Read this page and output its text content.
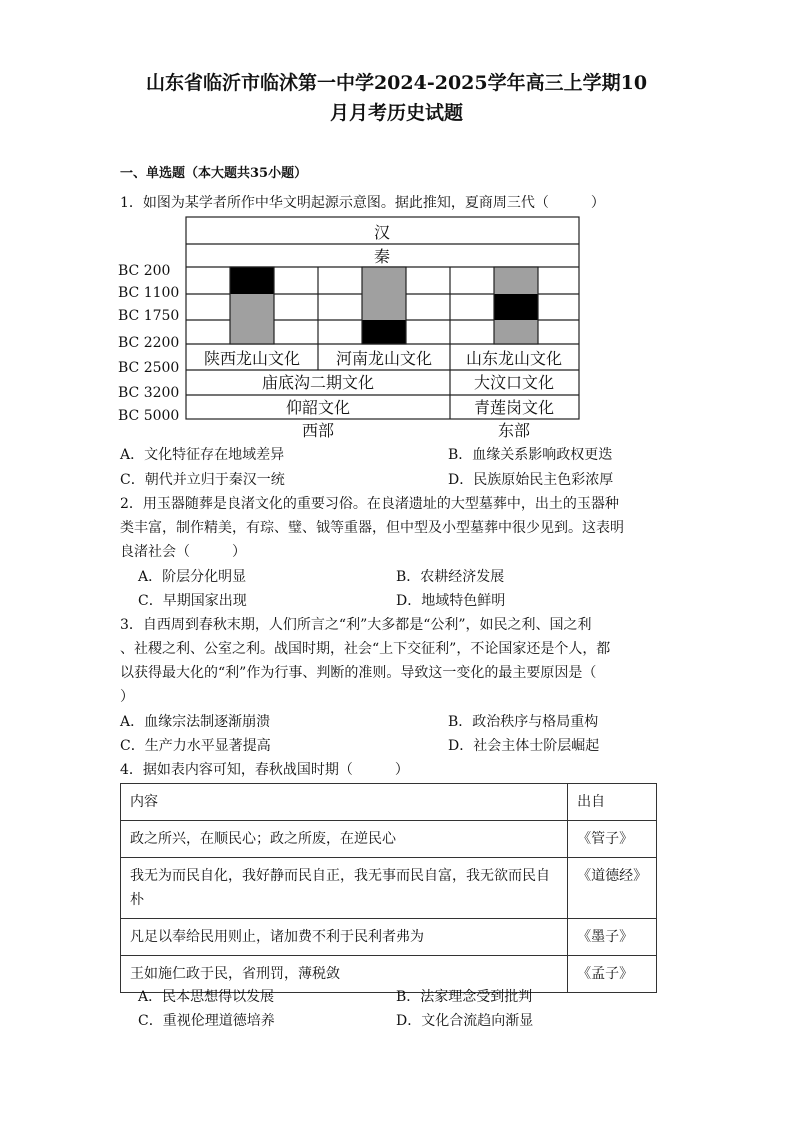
山东省临沂市临沭第一中学2024-2025学年高三上学期10
月月考历史试题
一、单选题（本大题共35小题）
1．如图为某学者所作中华文明起源示意图。据此推知，夏商周三代（　　　）
BC 200
BC 1100
BC 1750
BC 2200
BC 2500
BC 3200
BC 5000
汉
秦
陕西龙山文化 河南龙山文化 山东龙山文化
庙底沟二期文化	大汶口文化
仰韶文化	青莲岗文化
西部	东部
A．文化特征存在地域差异	B．血缘关系影响政权更迭
C．朝代并立归于秦汉一统	D．民族原始民主色彩浓厚
2．用玉器随葬是良渚文化的重要习俗。在良渚遗址的大型墓葬中，出土的玉器种
类丰富，制作精美，有琮、璧、钺等重器，但中型及小型墓葬中很少见到。这表明
良渚社会（　　　）
A．阶层分化明显	B．农耕经济发展
C．早期国家出现	D．地域特色鲜明
3．自西周到春秋末期，人们所言之“利”大多都是“公利”，如民之利、国之利
、社稷之利、公室之利。战国时期，社会“上下交征利”，不论国家还是个人，都
以获得最大化的“利”作为行事、判断的准则。导致这一变化的最主要原因是（
）
A．血缘宗法制逐渐崩溃	B．政治秩序与格局重构
C．生产力水平显著提高	D．社会主体士阶层崛起
4．据如表内容可知，春秋战国时期（　　　）
内容	出自
政之所兴，在顺民心；政之所废，在逆民心	《管子》
我无为而民自化，我好静而民自正，我无事而民自富，我无欲而民自朴	《道德经》
凡足以奉给民用则止，诸加费不利于民利者弗为	《墨子》
王如施仁政于民，省刑罚，薄税敛	《孟子》
A．民本思想得以发展	B．法家理念受到批判
C．重视伦理道德培养	D．文化合流趋向渐显
